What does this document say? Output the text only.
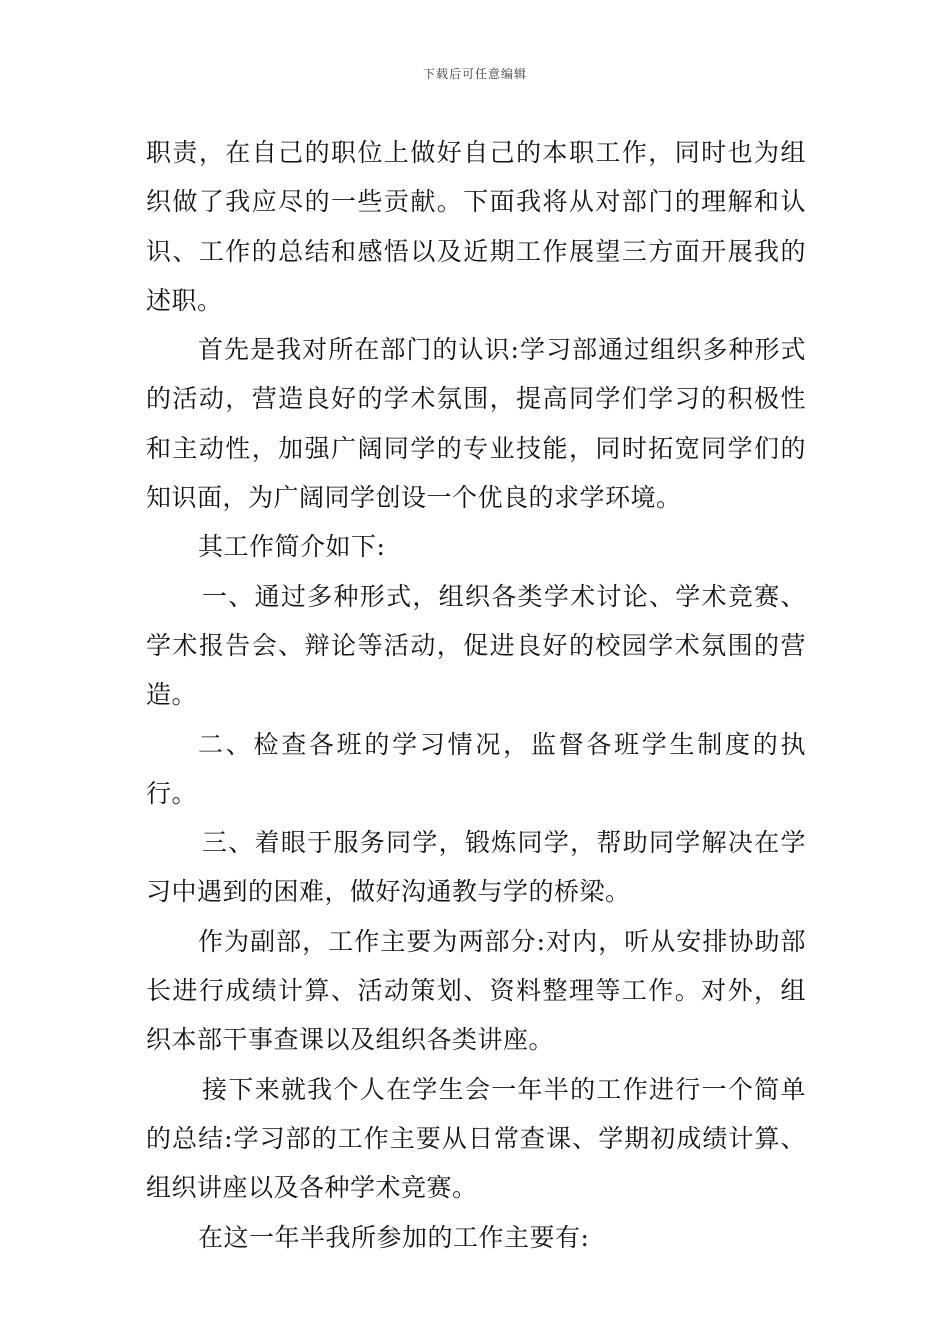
下载后可任意编辑

职责，在自己的职位上做好自己的本职工作，同时也为组织做了我应尽的一些贡献。下面我将从对部门的理解和认识、工作的总结和感悟以及近期工作展望三方面开展我的述职。

首先是我对所在部门的认识:学习部通过组织多种形式的活动，营造良好的学术氛围，提高同学们学习的积极性和主动性，加强广阔同学的专业技能，同时拓宽同学们的知识面，为广阔同学创设一个优良的求学环境。

其工作简介如下:

一、通过多种形式，组织各类学术讨论、学术竞赛、学术报告会、辩论等活动，促进良好的校园学术氛围的营造。

二、检查各班的学习情况，监督各班学生制度的执行。

三、着眼于服务同学，锻炼同学，帮助同学解决在学习中遇到的困难，做好沟通教与学的桥梁。

作为副部，工作主要为两部分:对内，听从安排协助部长进行成绩计算、活动策划、资料整理等工作。对外，组织本部干事查课以及组织各类讲座。

接下来就我个人在学生会一年半的工作进行一个简单的总结:学习部的工作主要从日常查课、学期初成绩计算、组织讲座以及各种学术竞赛。

在这一年半我所参加的工作主要有:
